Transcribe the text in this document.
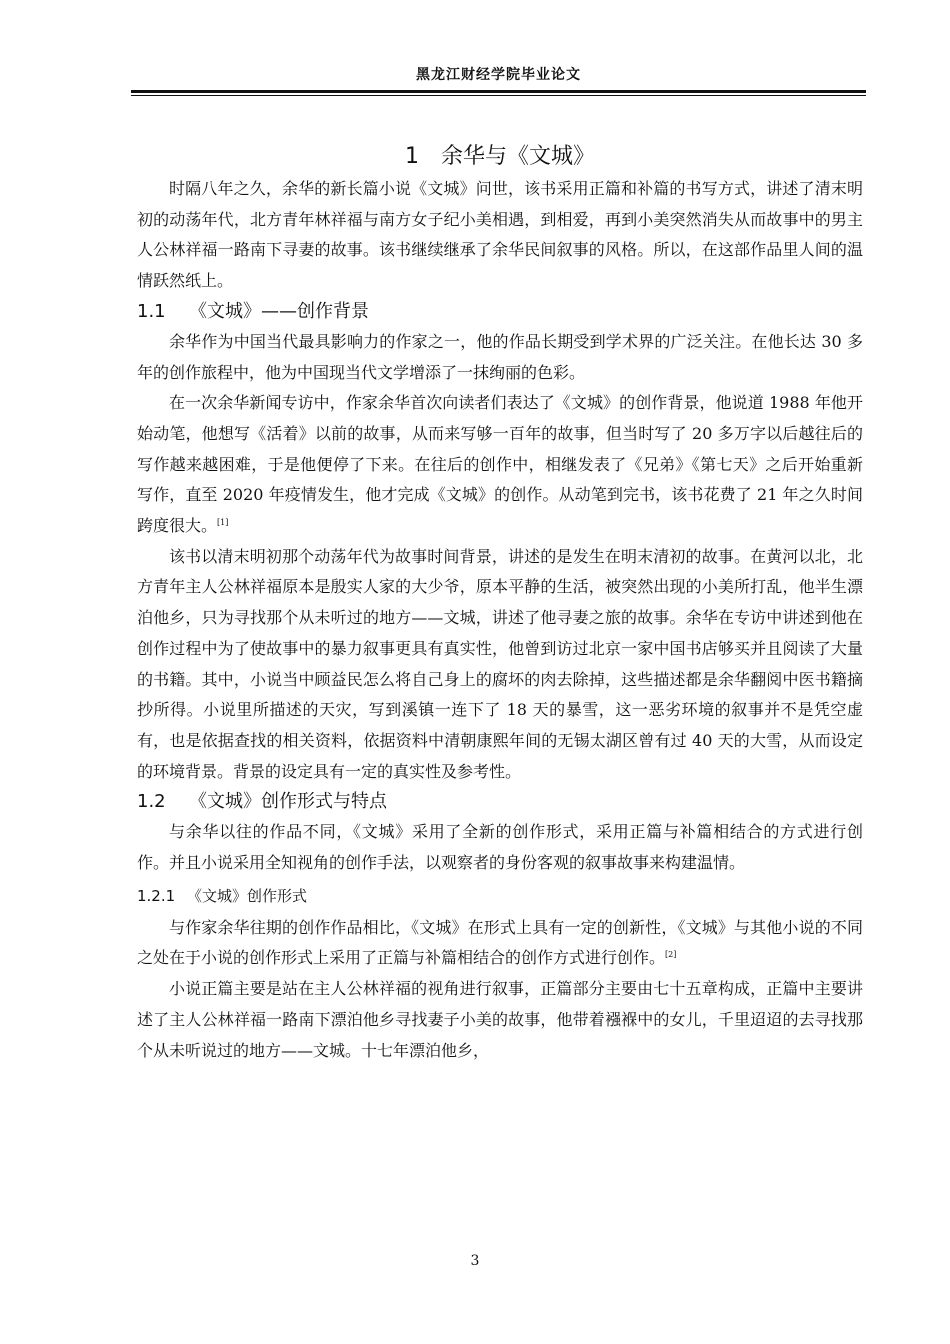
黑龙江财经学院毕业论文
1 余华与《文城》

时隔八年之久，余华的新长篇小说《文城》问世，该书采用正篇和补篇的书写方式，讲述了清末明初的动荡年代，北方青年林祥福与南方女子纪小美相遇，到相爱，再到小美突然消失从而故事中的男主人公林祥福一路南下寻妻的故事。该书继续继承了余华民间叙事的风格。所以，在这部作品里人间的温情跃然纸上。

1.1 《文城》——创作背景

余华作为中国当代最具影响力的作家之一，他的作品长期受到学术界的广泛关注。在他长达 30 多年的创作旅程中，他为中国现当代文学增添了一抹绚丽的色彩。

在一次余华新闻专访中，作家余华首次向读者们表达了《文城》的创作背景，他说道 1988 年他开始动笔，他想写《活着》以前的故事，从而来写够一百年的故事，但当时写了 20 多万字以后越往后的写作越来越困难，于是他便停了下来。在往后的创作中，相继发表了《兄弟》《第七天》之后开始重新写作，直至 2020 年疫情发生，他才完成《文城》的创作。从动笔到完书，该书花费了 21 年之久时间跨度很大。[1]

该书以清末明初那个动荡年代为故事时间背景，讲述的是发生在明末清初的故事。在黄河以北，北方青年主人公林祥福原本是殷实人家的大少爷，原本平静的生活，被突然出现的小美所打乱，他半生漂泊他乡，只为寻找那个从未听过的地方——文城，讲述了他寻妻之旅的故事。余华在专访中讲述到他在创作过程中为了使故事中的暴力叙事更具有真实性，他曾到访过北京一家中国书店够买并且阅读了大量的书籍。其中，小说当中顾益民怎么将自己身上的腐坏的肉去除掉，这些描述都是余华翻阅中医书籍摘抄所得。小说里所描述的天灾，写到溪镇一连下了 18 天的暴雪，这一恶劣环境的叙事并不是凭空虚有，也是依据查找的相关资料，依据资料中清朝康熙年间的无锡太湖区曾有过 40 天的大雪，从而设定的环境背景。背景的设定具有一定的真实性及参考性。

1.2 《文城》创作形式与特点

与余华以往的作品不同，《文城》采用了全新的创作形式，采用正篇与补篇相结合的方式进行创作。并且小说采用全知视角的创作手法，以观察者的身份客观的叙事故事来构建温情。

1.2.1 《文城》创作形式

与作家余华往期的创作作品相比，《文城》在形式上具有一定的创新性，《文城》与其他小说的不同之处在于小说的创作形式上采用了正篇与补篇相结合的创作方式进行创作。[2]

小说正篇主要是站在主人公林祥福的视角进行叙事，正篇部分主要由七十五章构成，正篇中主要讲述了主人公林祥福一路南下漂泊他乡寻找妻子小美的故事，他带着襁褓中的女儿，千里迢迢的去寻找那个从未听说过的地方——文城。十七年漂泊他乡，

3
